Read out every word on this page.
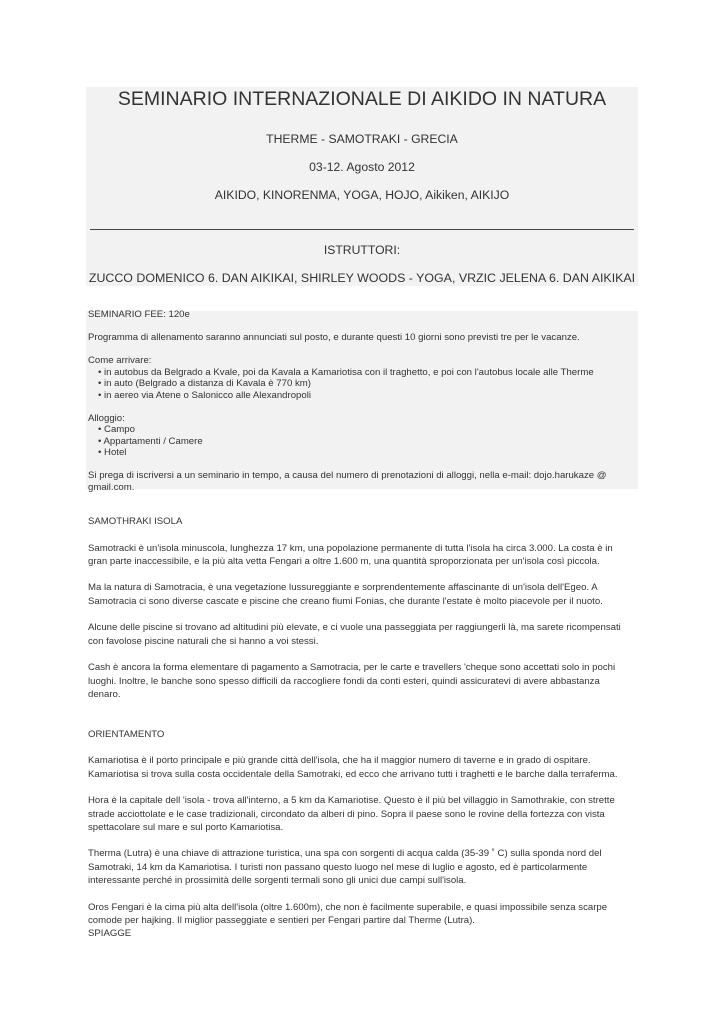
SEMINARIO INTERNAZIONALE DI AIKIDO IN NATURA
THERME - SAMOTRAKI - GRECIA
03-12. Agosto 2012
AIKIDO, KINORENMA, YOGA, HOJO, Aikiken, AIKIJO
ISTRUTTORI:
ZUCCO DOMENICO 6. DAN AIKIKAI, SHIRLEY WOODS - YOGA, VRZIC JELENA 6. DAN AIKIKAI

SEMINARIO FEE: 120e

Programma di allenamento saranno annunciati sul posto, e durante questi 10 giorni sono previsti tre per le vacanze.

Come arrivare:

• in autobus da Belgrado a Kvale, poi da Kavala a Kamariotisa con il traghetto, e poi con l'autobus locale alle Therme

• in auto (Belgrado a distanza di Kavala è 770 km)

• in aereo via Atene o Salonicco alle Alexandropoli

Alloggio:

• Campo

• Appartamenti / Camere

• Hotel

Si prega di iscriversi a un seminario in tempo, a causa del numero di prenotazioni di alloggi, nella e-mail: dojo.harukaze @

gmail.com.

SAMOTHRAKI ISOLA

Samotracki è un'isola minuscola, lunghezza 17 km, una popolazione permanente di tutta l'isola ha circa 3.000. La costa è in

gran parte inaccessibile, e la più alta vetta Fengari a oltre 1.600 m, una quantità sproporzionata per un'isola così piccola.

Ma la natura di Samotracia, è una vegetazione lussureggiante e sorprendentemente affascinante di un'isola dell'Egeo. A

Samotracia ci sono diverse cascate e piscine che creano fiumi Fonias, che durante l'estate è molto piacevole per il nuoto.

Alcune delle piscine si trovano ad altitudini più elevate, e ci vuole una passeggiata per raggiungerli là, ma sarete ricompensati

con favolose piscine naturali che si hanno a voi stessi.

Cash è ancora la forma elementare di pagamento a Samotracia, per le carte e travellers 'cheque sono accettati solo in pochi

luoghi. Inoltre, le banche sono spesso difficili da raccogliere fondi da conti esteri, quindi assicuratevi di avere abbastanza

denaro.

ORIENTAMENTO

Kamariotisa è il porto principale e più grande città dell'isola, che ha il maggior numero di taverne e in grado di ospitare.

Kamariotisa si trova sulla costa occidentale della Samotraki, ed ecco che arrivano tutti i traghetti e le barche dalla terraferma.

Hora è la capitale dell 'isola - trova all'interno, a 5 km da Kamariotise. Questo è il più bel villaggio in Samothrakie, con strette

strade acciottolate e le case tradizionali, circondato da alberi di pino. Sopra il paese sono le rovine della fortezza con vista

spettacolare sul mare e sul porto Kamariotisa.

Therma (Lutra) è una chiave di attrazione turistica, una spa con sorgenti di acqua calda (35-39 ˚ C) sulla sponda nord del

Samotraki, 14 km da Kamariotisa. I turisti non passano questo luogo nel mese di luglio e agosto, ed è particolarmente

interessante perché in prossimità delle sorgenti termali sono gli unici due campi sull'isola.

Oros Fengari è la cima più alta dell'isola (oltre 1.600m), che non è facilmente superabile, e quasi impossibile senza scarpe

comode per hajking. Il miglior passeggiate e sentieri per Fengari partire dal Therme (Lutra).

SPIAGGE
